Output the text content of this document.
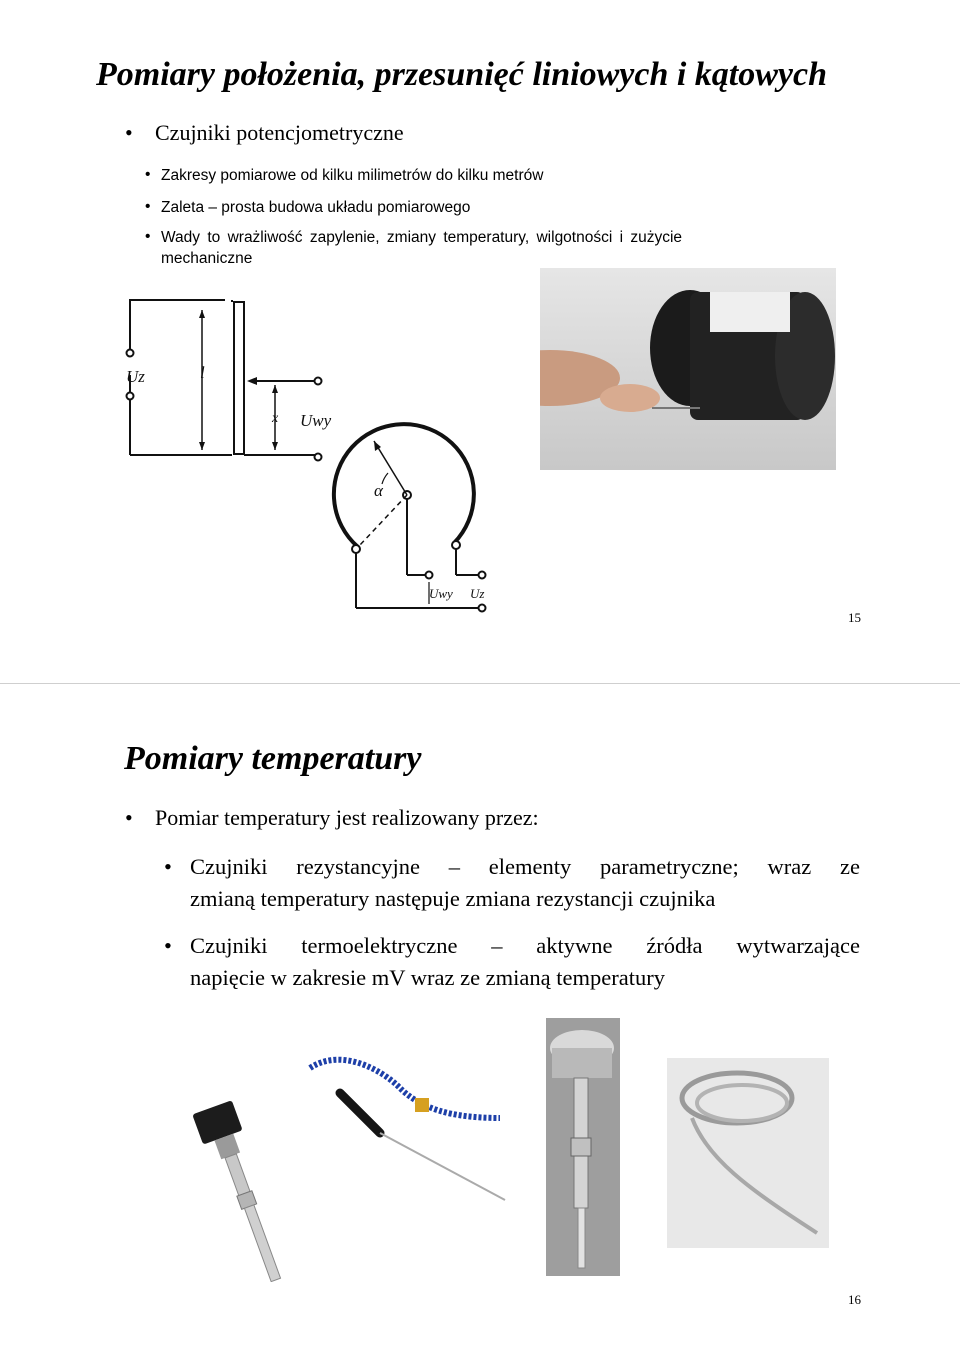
Pomiary położenia, przesunięć liniowych i kątowych
• Czujniki potencjometryczne
• Zakresy pomiarowe od kilku milimetrów do kilku metrów
• Zaleta – prosta budowa układu pomiarowego
• Wady to wrażliwość zapylenie, zmiany temperatury, wilgotności i zużycie
mechaniczne
Uz	l
x Uwy
α
Uwy Uz
15
Pomiary temperatury
• Pomiar temperatury jest realizowany przez:
• Czujniki rezystancyjne – elementy parametryczne; wraz ze
zmianą temperatury następuje zmiana rezystancji czujnika
• Czujniki termoelektryczne – aktywne źródła wytwarzające
napięcie w zakresie mV wraz ze zmianą temperatury
16
